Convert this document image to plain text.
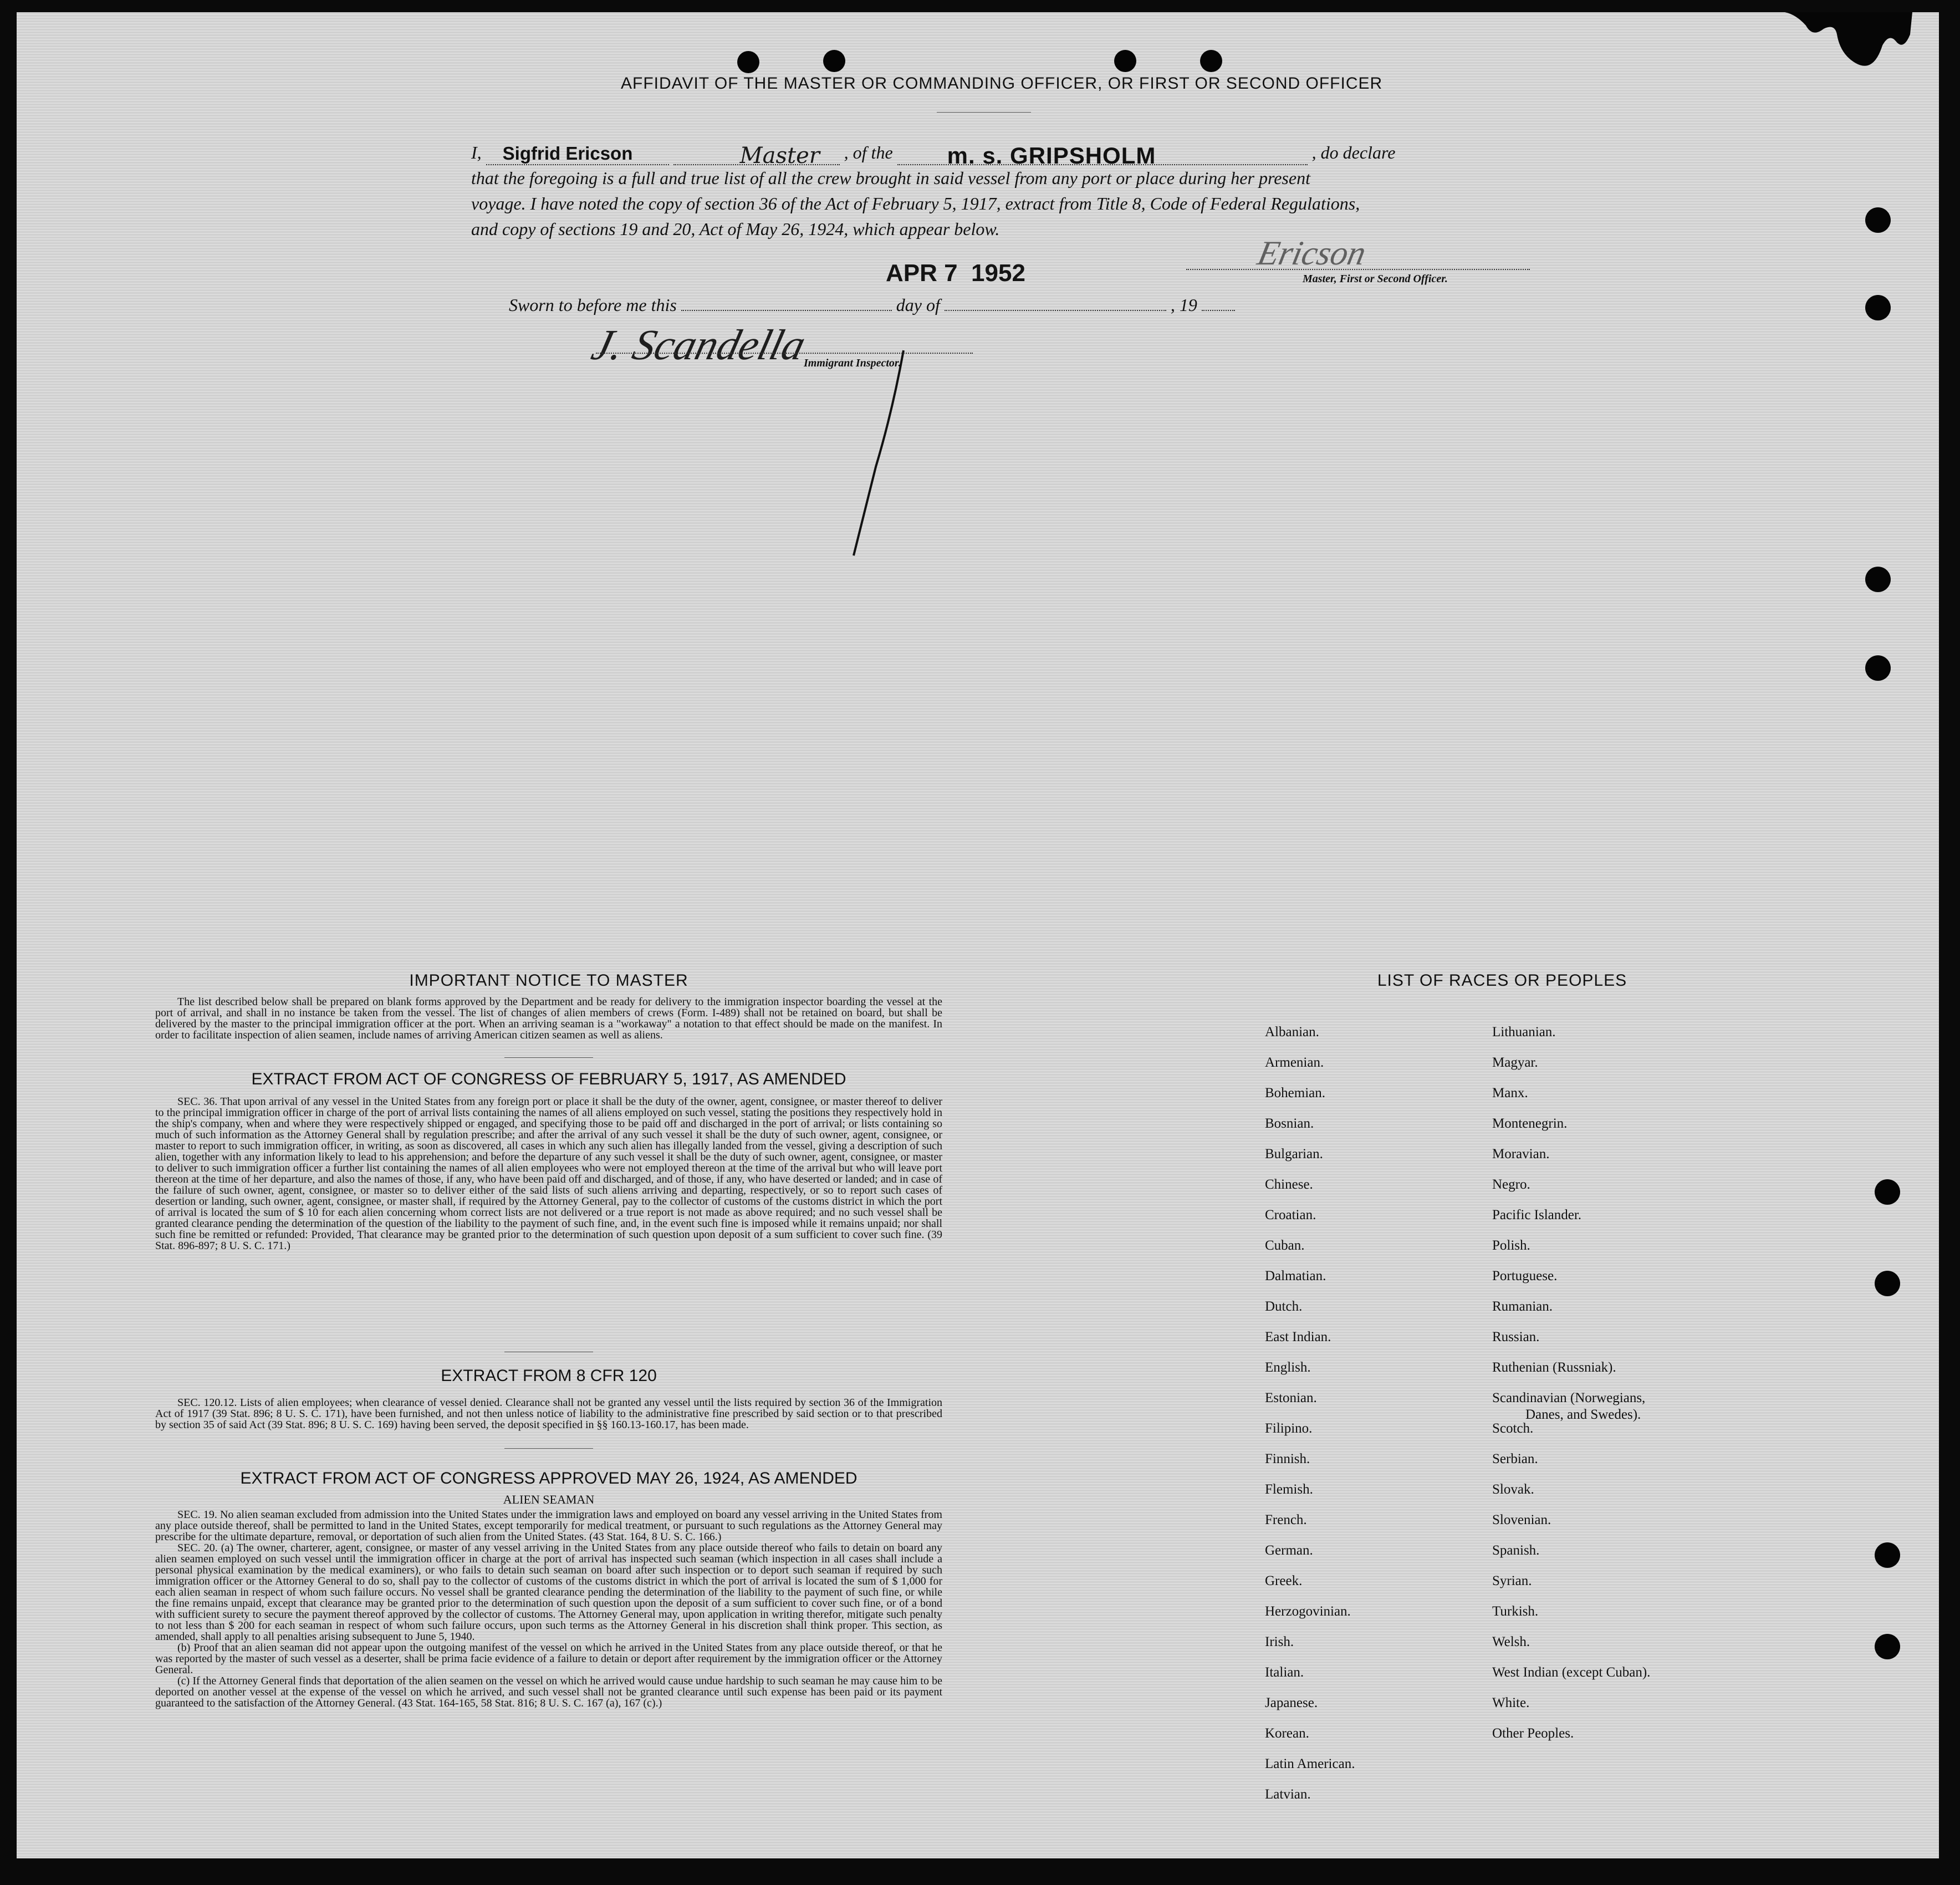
AFFIDAVIT OF THE MASTER OR COMMANDING OFFICER, OR FIRST OR SECOND OFFICER
I, Sigfrid Ericson
	Master , of the m. s. GRIPSHOLM	, do declare
that the foregoing is a full and true list of all the crew brought in said vessel from any port or place during her present
voyage. I have noted the copy of section 36 of the Act of February 5, 1917, extract from Title 8, Code of Federal Regulations,
and copy of sections 19 and 20, Act of May 26, 1924, which appear below.
APR 7  1952
Ericson
Master, First or Second Officer.
Sworn to before me this	day of	, 19
J. Scandella
Immigrant Inspector.
IMPORTANT NOTICE TO MASTER

The list described below shall be prepared on blank forms approved by the Department and be ready for delivery to the immigration inspector boarding the vessel at the port of arrival, and shall in no instance be taken from the vessel. The list of changes of alien members of crews (Form. I-489) shall not be retained on board, but shall be delivered by the master to the principal immigration officer at the port. When an arriving seaman is a "workaway" a notation to that effect should be made on the manifest. In order to facilitate inspection of alien seamen, include names of arriving American citizen seamen as well as aliens.

EXTRACT FROM ACT OF CONGRESS OF FEBRUARY 5, 1917, AS AMENDED

SEC. 36. That upon arrival of any vessel in the United States from any foreign port or place it shall be the duty of the owner, agent, consignee, or master thereof to deliver to the principal immigration officer in charge of the port of arrival lists containing the names of all aliens employed on such vessel, stating the positions they respectively hold in the ship's company, when and where they were respectively shipped or engaged, and specifying those to be paid off and discharged in the port of arrival; or lists containing so much of such information as the Attorney General shall by regulation prescribe; and after the arrival of any such vessel it shall be the duty of such owner, agent, consignee, or master to report to such immigration officer, in writing, as soon as discovered, all cases in which any such alien has illegally landed from the vessel, giving a description of such alien, together with any information likely to lead to his apprehension; and before the departure of any such vessel it shall be the duty of such owner, agent, consignee, or master to deliver to such immigration officer a further list containing the names of all alien employees who were not employed thereon at the time of the arrival but who will leave port thereon at the time of her departure, and also the names of those, if any, who have been paid off and discharged, and of those, if any, who have deserted or landed; and in case of the failure of such owner, agent, consignee, or master so to deliver either of the said lists of such aliens arriving and departing, respectively, or so to report such cases of desertion or landing, such owner, agent, consignee, or master shall, if required by the Attorney General, pay to the collector of customs of the customs district in which the port of arrival is located the sum of $ 10 for each alien concerning whom correct lists are not delivered or a true report is not made as above required; and no such vessel shall be granted clearance pending the determination of the question of the liability to the payment of such fine, and, in the event such fine is imposed while it remains unpaid; nor shall such fine be remitted or refunded: Provided, That clearance may be granted prior to the determination of such question upon deposit of a sum sufficient to cover such fine. (39 Stat. 896-897; 8 U. S. C. 171.)

EXTRACT FROM 8 CFR 120

SEC. 120.12. Lists of alien employees; when clearance of vessel denied. Clearance shall not be granted any vessel until the lists required by section 36 of the Immigration Act of 1917 (39 Stat. 896; 8 U. S. C. 171), have been furnished, and not then unless notice of liability to the administrative fine prescribed by said section or to that prescribed by section 35 of said Act (39 Stat. 896; 8 U. S. C. 169) having been served, the deposit specified in §§ 160.13-160.17, has been made.

EXTRACT FROM ACT OF CONGRESS APPROVED MAY 26, 1924, AS AMENDED
ALIEN SEAMAN

SEC. 19. No alien seaman excluded from admission into the United States under the immigration laws and employed on board any vessel arriving in the United States from any place outside thereof, shall be permitted to land in the United States, except temporarily for medical treatment, or pursuant to such regulations as the Attorney General may prescribe for the ultimate departure, removal, or deportation of such alien from the United States. (43 Stat. 164, 8 U. S. C. 166.)

SEC. 20. (a) The owner, charterer, agent, consignee, or master of any vessel arriving in the United States from any place outside thereof who fails to detain on board any alien seamen employed on such vessel until the immigration officer in charge at the port of arrival has inspected such seaman (which inspection in all cases shall include a personal physical examination by the medical examiners), or who fails to detain such seaman on board after such inspection or to deport such seaman if required by such immigration officer or the Attorney General to do so, shall pay to the collector of customs of the customs district in which the port of arrival is located the sum of $ 1,000 for each alien seaman in respect of whom such failure occurs. No vessel shall be granted clearance pending the determination of the liability to the payment of such fine, or while the fine remains unpaid, except that clearance may be granted prior to the determination of such question upon the deposit of a sum sufficient to cover such fine, or of a bond with sufficient surety to secure the payment thereof approved by the collector of customs. The Attorney General may, upon application in writing therefor, mitigate such penalty to not less than $ 200 for each seaman in respect of whom such failure occurs, upon such terms as the Attorney General in his discretion shall think proper. This section, as amended, shall apply to all penalties arising subsequent to June 5, 1940.

(b) Proof that an alien seaman did not appear upon the outgoing manifest of the vessel on which he arrived in the United States from any place outside thereof, or that he was reported by the master of such vessel as a deserter, shall be prima facie evidence of a failure to detain or deport after requirement by the immigration officer or the Attorney General.

(c) If the Attorney General finds that deportation of the alien seamen on the vessel on which he arrived would cause undue hardship to such seaman he may cause him to be deported on another vessel at the expense of the vessel on which he arrived, and such vessel shall not be granted clearance until such expense has been paid or its payment guaranteed to the satisfaction of the Attorney General. (43 Stat. 164-165, 58 Stat. 816; 8 U. S. C. 167 (a), 167 (c).)

LIST OF RACES OR PEOPLES
Albanian.
Armenian.
Bohemian.
Bosnian.
Bulgarian.
Chinese.
Croatian.
Cuban.
Dalmatian.
Dutch.
East Indian.
English.
Estonian.
Filipino.
Finnish.
Flemish.
French.
German.
Greek.
Herzogovinian.
Irish.
Italian.
Japanese.
Korean.
Latin American.
Latvian.
Lithuanian.
Magyar.
Manx.
Montenegrin.
Moravian.
Negro.
Pacific Islander.
Polish.
Portuguese.
Rumanian.
Russian.
Ruthenian (Russniak).
Scandinavian (Norwegians,
Danes, and Swedes).
Scotch.
Serbian.
Slovak.
Slovenian.
Spanish.
Syrian.
Turkish.
Welsh.
West Indian (except Cuban).
White.
Other Peoples.
